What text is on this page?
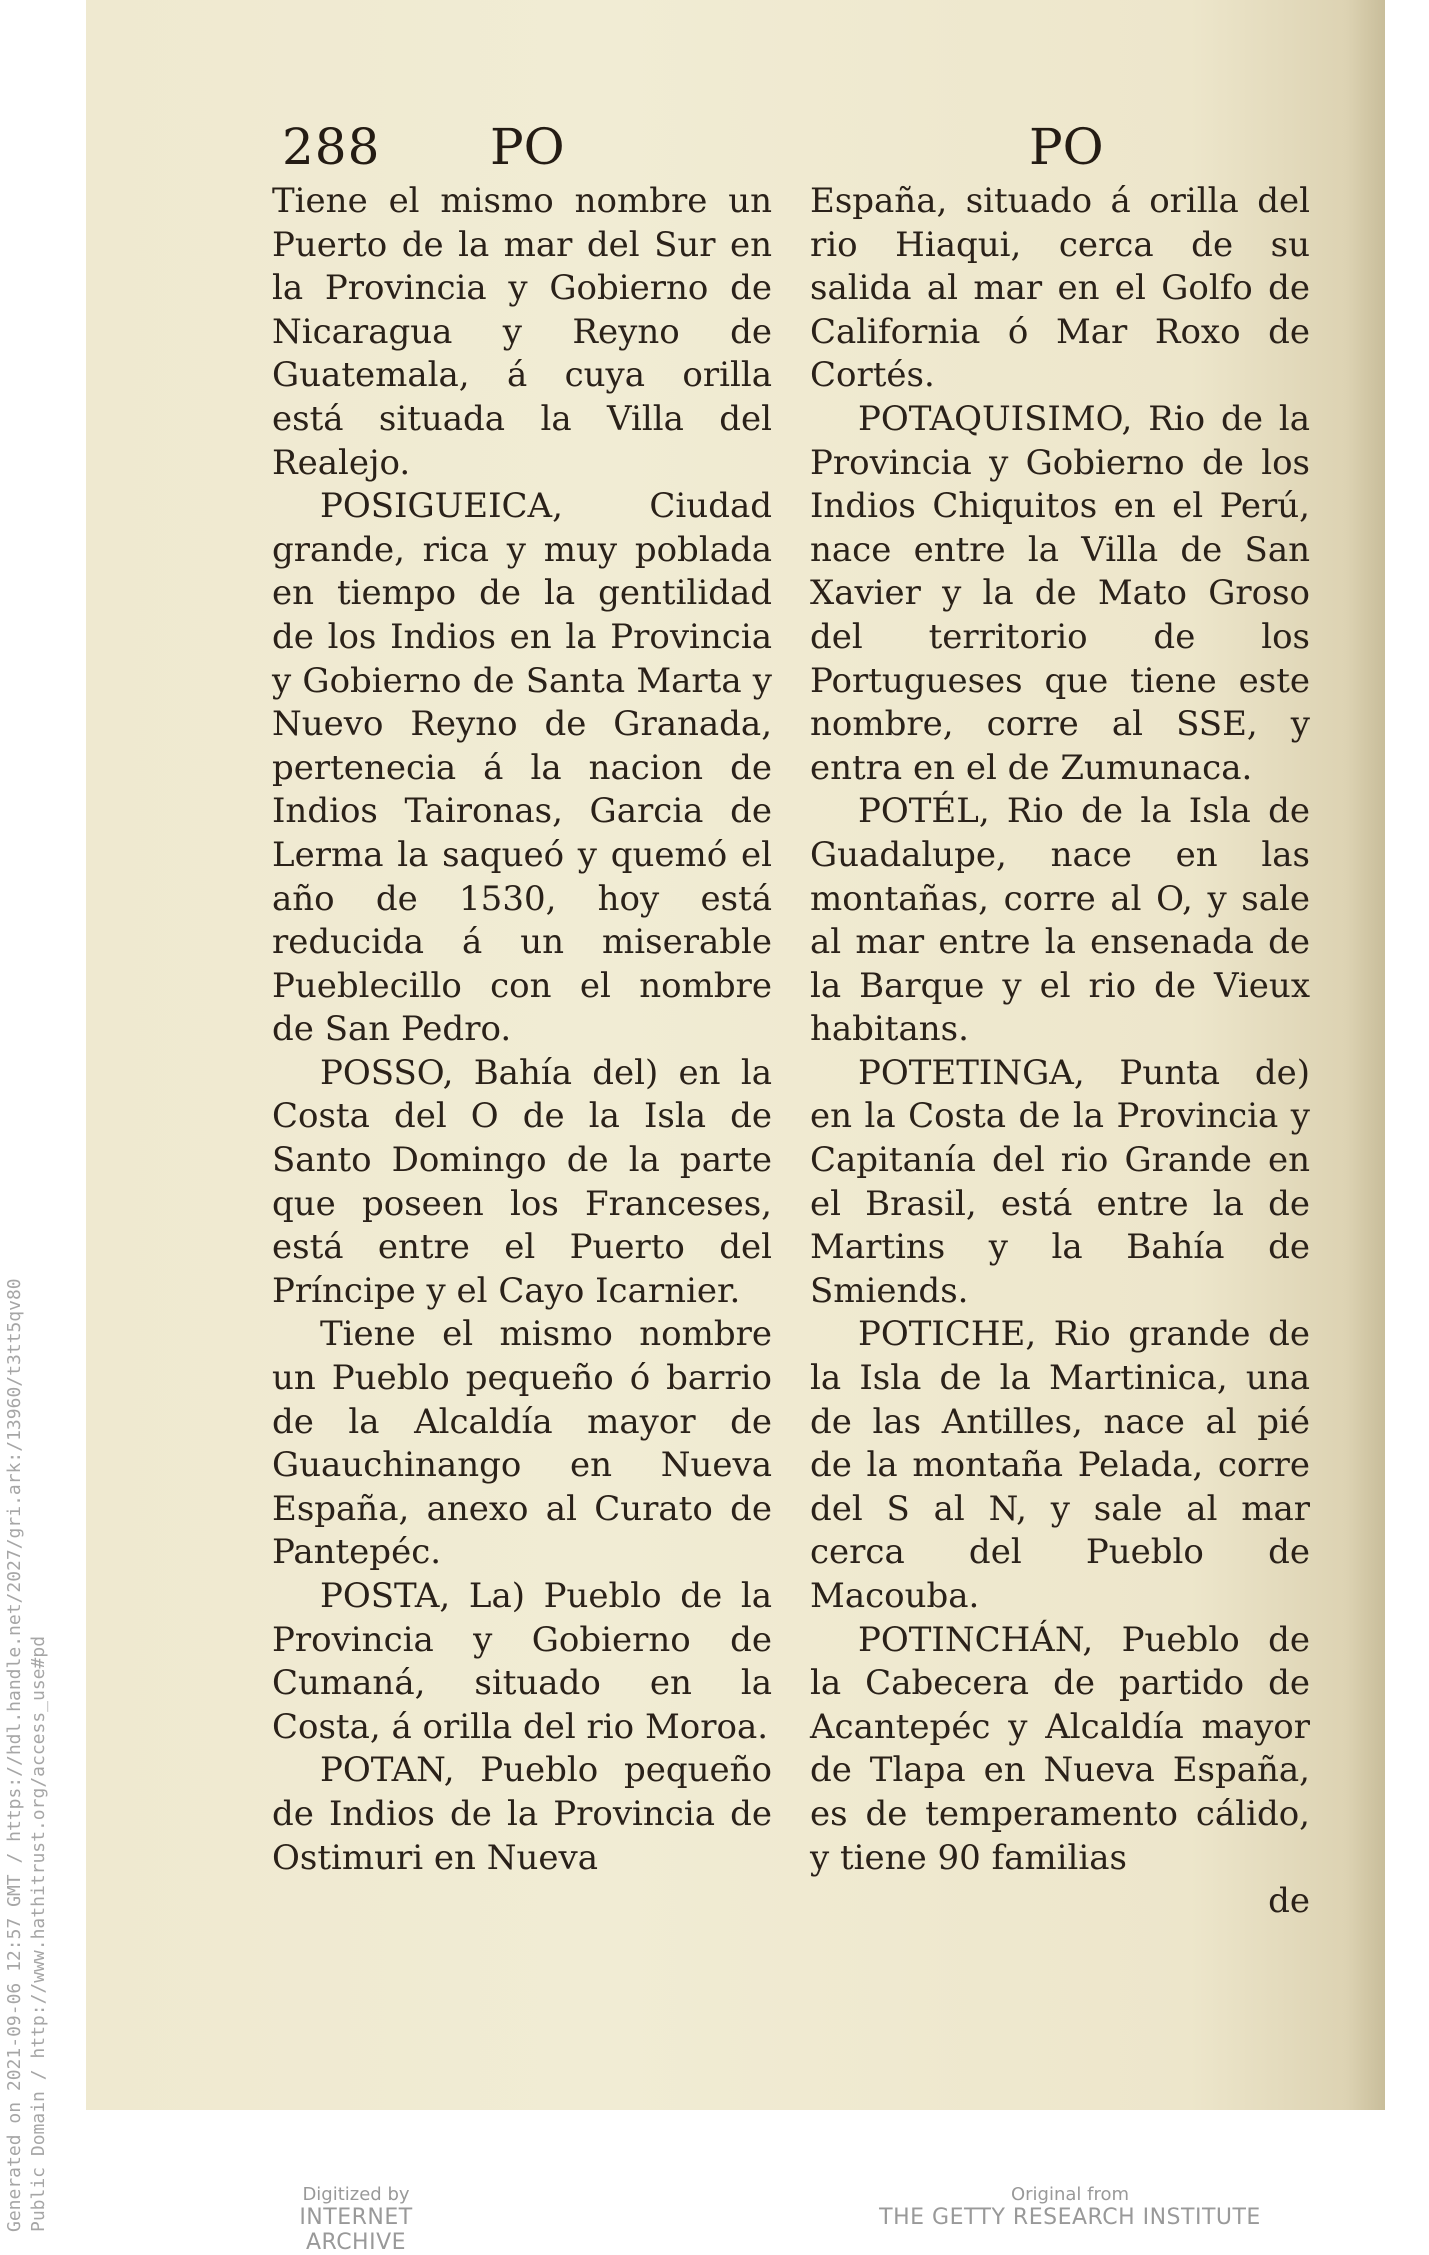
288 PO	PO

Tiene el mismo nombre un Puerto de la mar del Sur en la Provincia y Gobierno de Nicaragua y Reyno de Guatemala, á cuya orilla está situada la Villa del Realejo.

POSIGUEICA, Ciudad grande, rica y muy poblada en tiempo de la gentilidad de los Indios en la Provincia y Gobierno de Santa Marta y Nuevo Reyno de Granada, pertenecia á la nacion de Indios Taironas, Garcia de Lerma la saqueó y quemó el año de 1530, hoy está reducida á un miserable Pueblecillo con el nombre de San Pedro.

POSSO, Bahía del) en la Costa del O de la Isla de Santo Domingo de la parte que poseen los Franceses, está entre el Puerto del Príncipe y el Cayo Icarnier.

Tiene el mismo nombre un Pueblo pequeño ó barrio de la Alcaldía mayor de Guauchinango en Nueva España, anexo al Curato de Pantepéc.

POSTA, La) Pueblo de la Provincia y Gobierno de Cumaná, situado en la Costa, á orilla del rio Moroa.

POTAN, Pueblo pequeño de Indios de la Provincia de Ostimuri en Nueva

España, situado á orilla del rio Hiaqui, cerca de su salida al mar en el Golfo de California ó Mar Roxo de Cortés.

POTAQUISIMO, Rio de la Provincia y Gobierno de los Indios Chiquitos en el Perú, nace entre la Villa de San Xavier y la de Mato Groso del territorio de los Portugueses que tiene este nombre, corre al SSE, y entra en el de Zumunaca.

POTÉL, Rio de la Isla de Guadalupe, nace en las montañas, corre al O, y sale al mar entre la ensenada de la Barque y el rio de Vieux habitans.

POTETINGA, Punta de) en la Costa de la Provincia y Capitanía del rio Grande en el Brasil, está entre la de Martins y la Bahía de Smiends.

POTICHE, Rio grande de la Isla de la Martinica, una de las Antilles, nace al pié de la montaña Pelada, corre del S al N, y sale al mar cerca del Pueblo de Macouba.

POTINCHÁN, Pueblo de la Cabecera de partido de Acantepéc y Alcaldía mayor de Tlapa en Nueva España, es de temperamento cálido, y tiene 90 familias

de

Generated on 2021-09-06 12:57 GMT / https://hdl.handle.net/2027/gri.ark:/13960/t3tt5qv80 Public Domain / http://www.hathitrust.org/access_use#pd	Digitized by
INTERNET ARCHIVE
Original from
THE GETTY RESEARCH INSTITUTE
